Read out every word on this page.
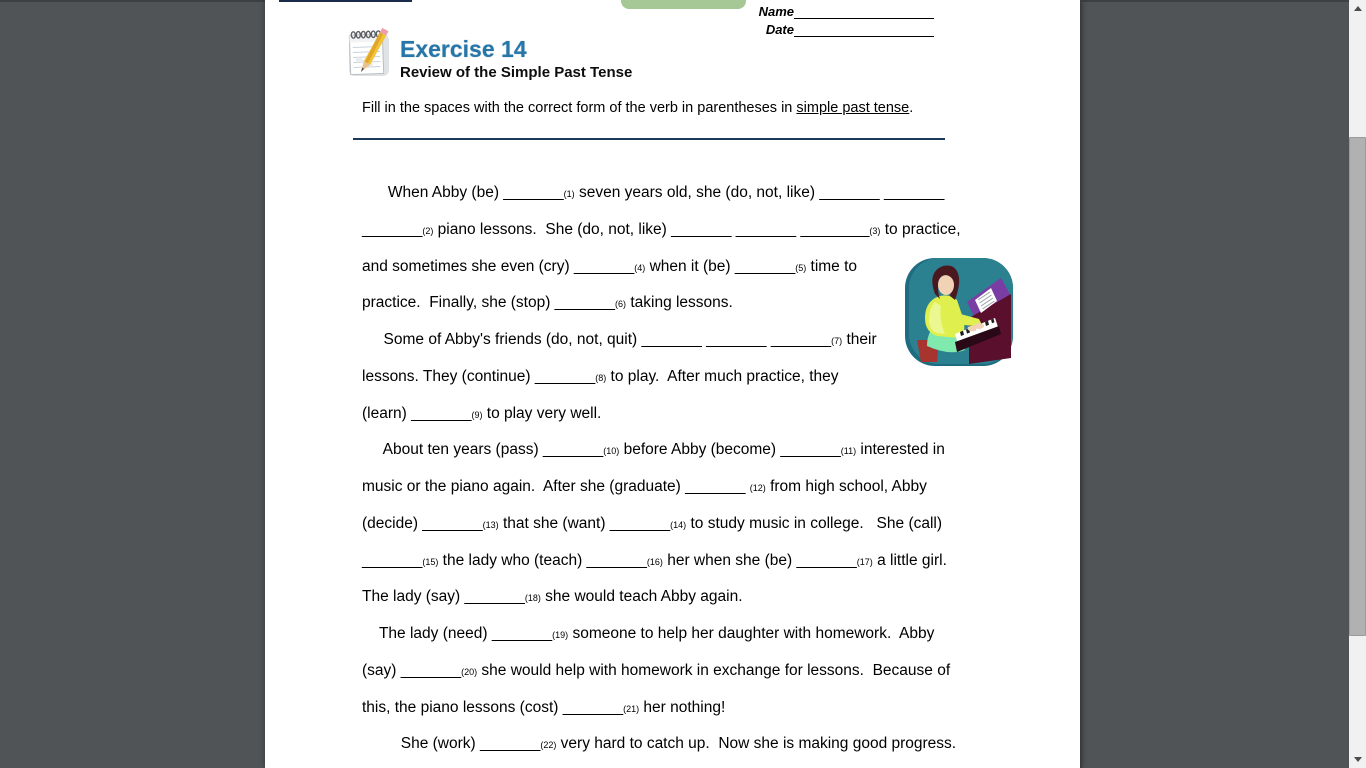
Name
Date
Exercise 14
Review of the Simple Past Tense
Fill in the spaces with the correct form of the verb in parentheses in simple past tense.
When Abby (be) _______(1) seven years old, she (do, not, like) _______ _______
_______(2) piano lessons.  She (do, not, like) _______ _______ ________(3) to practice,
and sometimes she even (cry) _______(4) when it (be) _______(5) time to
practice.  Finally, she (stop) _______(6) taking lessons.
Some of Abby's friends (do, not, quit) _______ _______ _______(7) their
lessons. They (continue) _______(8) to play.  After much practice, they
(learn) _______(9) to play very well.
About ten years (pass) _______(10) before Abby (become) _______(11) interested in
music or the piano again.  After she (graduate) _______ (12) from high school, Abby
(decide) _______(13) that she (want) _______(14) to study music in college.   She (call)
_______(15) the lady who (teach) _______(16) her when she (be) _______(17) a little girl.
The lady (say) _______(18) she would teach Abby again.
The lady (need) _______(19) someone to help her daughter with homework.  Abby
(say) _______(20) she would help with homework in exchange for lessons.  Because of
this, the piano lessons (cost) _______(21) her nothing!
She (work) _______(22) very hard to catch up.  Now she is making good progress.
